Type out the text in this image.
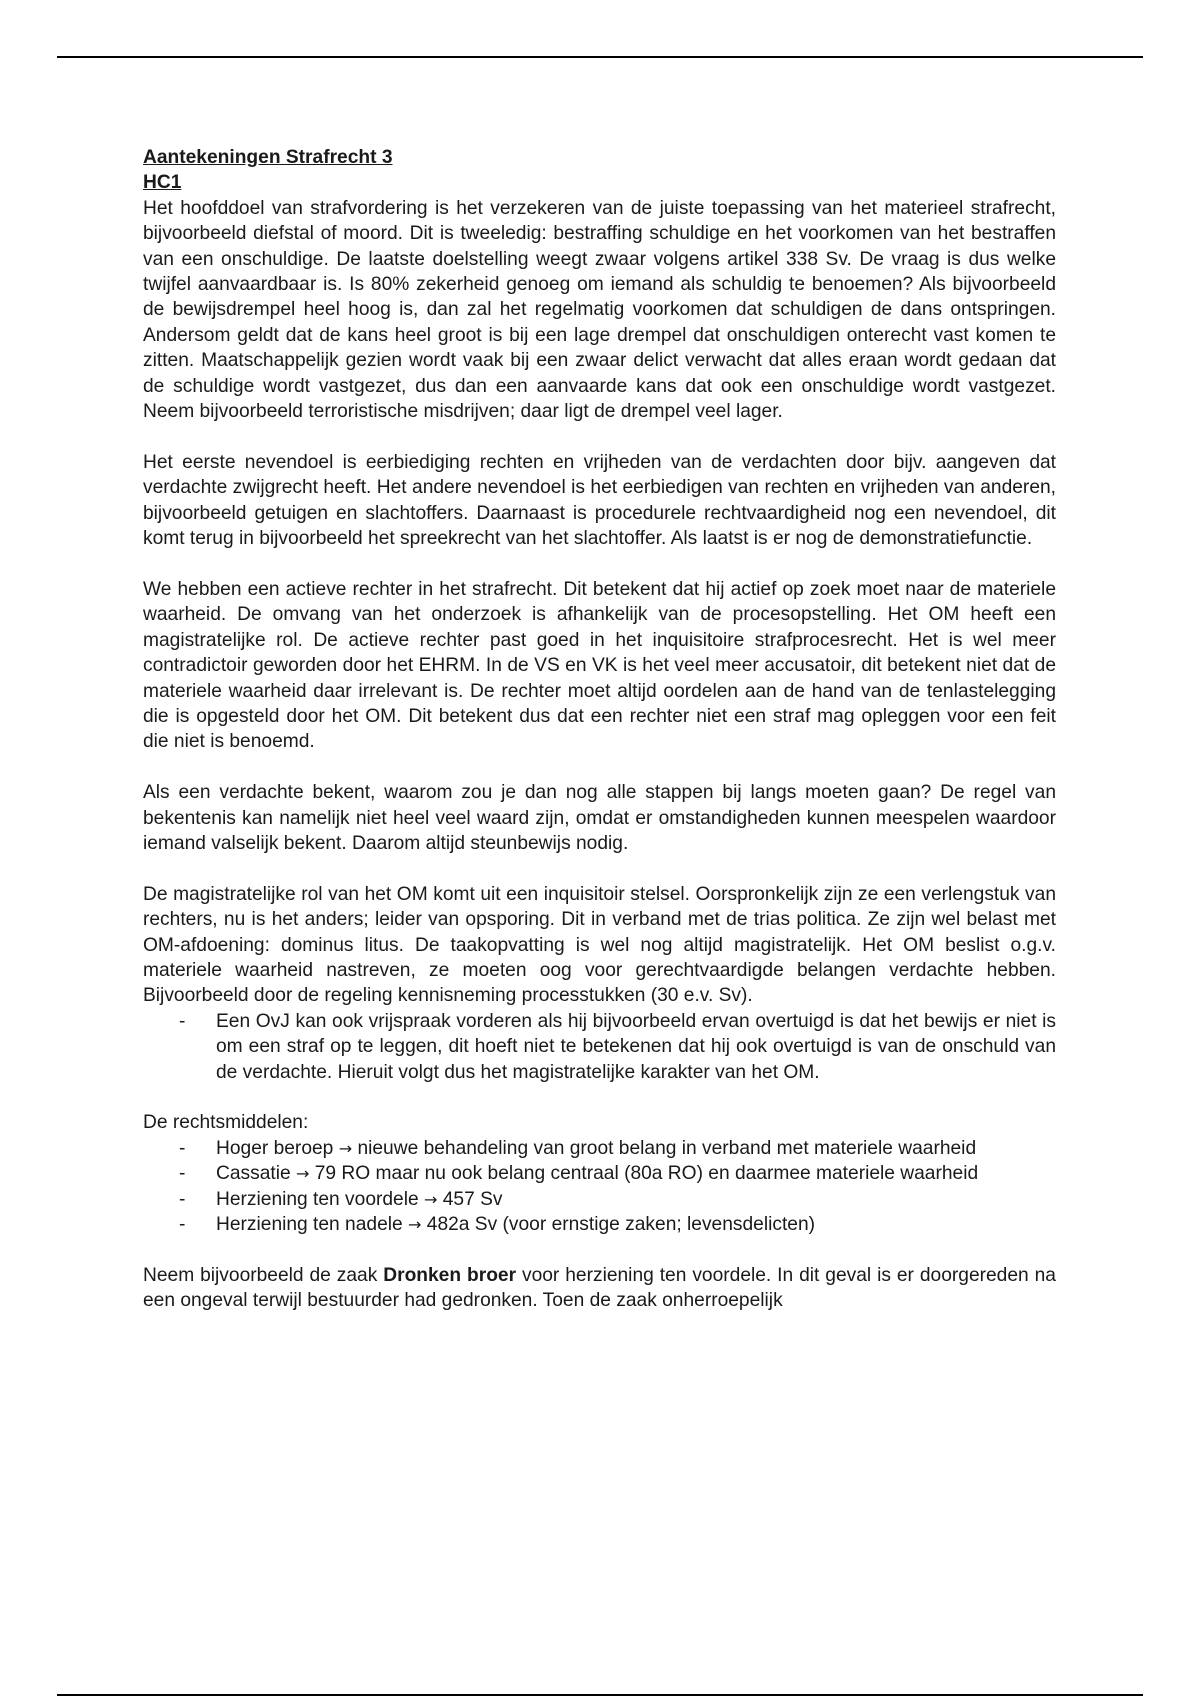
Aantekeningen Strafrecht 3
HC1

Het hoofddoel van strafvordering is het verzekeren van de juiste toepassing van het materieel strafrecht, bijvoorbeeld diefstal of moord. Dit is tweeledig: bestraffing schuldige en het voorkomen van het bestraffen van een onschuldige. De laatste doelstelling weegt zwaar volgens artikel 338 Sv. De vraag is dus welke twijfel aanvaardbaar is. Is 80% zekerheid genoeg om iemand als schuldig te benoemen? Als bijvoorbeeld de bewijsdrempel heel hoog is, dan zal het regelmatig voorkomen dat schuldigen de dans ontspringen. Andersom geldt dat de kans heel groot is bij een lage drempel dat onschuldigen onterecht vast komen te zitten. Maatschappelijk gezien wordt vaak bij een zwaar delict verwacht dat alles eraan wordt gedaan dat de schuldige wordt vastgezet, dus dan een aanvaarde kans dat ook een onschuldige wordt vastgezet. Neem bijvoorbeeld terroristische misdrijven; daar ligt de drempel veel lager.

Het eerste nevendoel is eerbiediging rechten en vrijheden van de verdachten door bijv. aangeven dat verdachte zwijgrecht heeft. Het andere nevendoel is het eerbiedigen van rechten en vrijheden van anderen, bijvoorbeeld getuigen en slachtoffers. Daarnaast is procedurele rechtvaardigheid nog een nevendoel, dit komt terug in bijvoorbeeld het spreekrecht van het slachtoffer. Als laatst is er nog de demonstratiefunctie.

We hebben een actieve rechter in het strafrecht. Dit betekent dat hij actief op zoek moet naar de materiele waarheid. De omvang van het onderzoek is afhankelijk van de procesopstelling. Het OM heeft een magistratelijke rol. De actieve rechter past goed in het inquisitoire strafprocesrecht. Het is wel meer contradictoir geworden door het EHRM. In de VS en VK is het veel meer accusatoir, dit betekent niet dat de materiele waarheid daar irrelevant is. De rechter moet altijd oordelen aan de hand van de tenlastelegging die is opgesteld door het OM. Dit betekent dus dat een rechter niet een straf mag opleggen voor een feit die niet is benoemd.

Als een verdachte bekent, waarom zou je dan nog alle stappen bij langs moeten gaan? De regel van bekentenis kan namelijk niet heel veel waard zijn, omdat er omstandigheden kunnen meespelen waardoor iemand valselijk bekent. Daarom altijd steunbewijs nodig.

De magistratelijke rol van het OM komt uit een inquisitoir stelsel. Oorspronkelijk zijn ze een verlengstuk van rechters, nu is het anders; leider van opsporing. Dit in verband met de trias politica. Ze zijn wel belast met OM-afdoening: dominus litus. De taakopvatting is wel nog altijd magistratelijk. Het OM beslist o.g.v. materiele waarheid nastreven, ze moeten oog voor gerechtvaardigde belangen verdachte hebben. Bijvoorbeeld door de regeling kennisneming processtukken (30 e.v. Sv).

- Een OvJ kan ook vrijspraak vorderen als hij bijvoorbeeld ervan overtuigd is dat het bewijs er niet is om een straf op te leggen, dit hoeft niet te betekenen dat hij ook overtuigd is van de onschuld van de verdachte. Hieruit volgt dus het magistratelijke karakter van het OM.
De rechtsmiddelen:
- Hoger beroep → nieuwe behandeling van groot belang in verband met materiele waarheid
- Cassatie → 79 RO maar nu ook belang centraal (80a RO) en daarmee materiele waarheid
- Herziening ten voordele → 457 Sv
- Herziening ten nadele → 482a Sv (voor ernstige zaken; levensdelicten)

Neem bijvoorbeeld de zaak Dronken broer voor herziening ten voordele. In dit geval is er doorgereden na een ongeval terwijl bestuurder had gedronken. Toen de zaak onherroepelijk
